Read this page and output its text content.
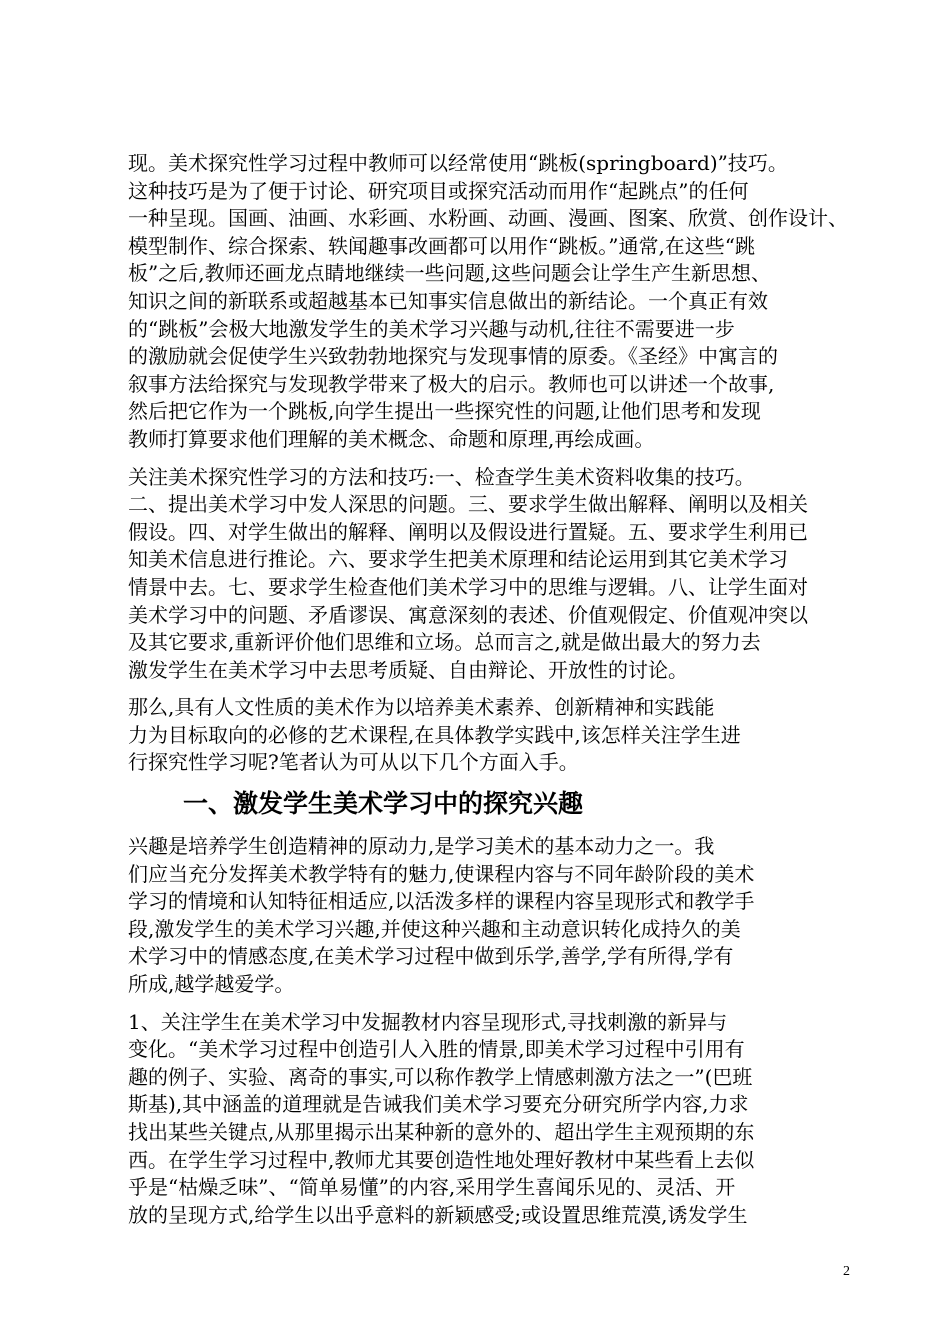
现。美术探究性学习过程中教师可以经常使用“跳板(springboard)”技巧。
这种技巧是为了便于讨论、研究项目或探究活动而用作“起跳点”的任何
一种呈现。国画、油画、水彩画、水粉画、动画、漫画、图案、欣赏、创作设计、
模型制作、综合探索、轶闻趣事改画都可以用作“跳板。”通常,在这些“跳
板”之后,教师还画龙点睛地继续一些问题,这些问题会让学生产生新思想、
知识之间的新联系或超越基本已知事实信息做出的新结论。一个真正有效
的“跳板”会极大地激发学生的美术学习兴趣与动机,往往不需要进一步
的激励就会促使学生兴致勃勃地探究与发现事情的原委。《圣经》中寓言的
叙事方法给探究与发现教学带来了极大的启示。教师也可以讲述一个故事,
然后把它作为一个跳板,向学生提出一些探究性的问题,让他们思考和发现
教师打算要求他们理解的美术概念、命题和原理,再绘成画。

关注美术探究性学习的方法和技巧:一、检查学生美术资料收集的技巧。
二、提出美术学习中发人深思的问题。三、要求学生做出解释、阐明以及相关
假设。四、对学生做出的解释、阐明以及假设进行置疑。五、要求学生利用已
知美术信息进行推论。六、要求学生把美术原理和结论运用到其它美术学习
情景中去。七、要求学生检查他们美术学习中的思维与逻辑。八、让学生面对
美术学习中的问题、矛盾谬误、寓意深刻的表述、价值观假定、价值观冲突以
及其它要求,重新评价他们思维和立场。总而言之,就是做出最大的努力去
激发学生在美术学习中去思考质疑、自由辩论、开放性的讨论。

那么,具有人文性质的美术作为以培养美术素养、创新精神和实践能
力为目标取向的必修的艺术课程,在具体教学实践中,该怎样关注学生进
行探究性学习呢?笔者认为可从以下几个方面入手。

一、激发学生美术学习中的探究兴趣

兴趣是培养学生创造精神的原动力,是学习美术的基本动力之一。我
们应当充分发挥美术教学特有的魅力,使课程内容与不同年龄阶段的美术
学习的情境和认知特征相适应,以活泼多样的课程内容呈现形式和教学手
段,激发学生的美术学习兴趣,并使这种兴趣和主动意识转化成持久的美
术学习中的情感态度,在美术学习过程中做到乐学,善学,学有所得,学有
所成,越学越爱学。

1、关注学生在美术学习中发掘教材内容呈现形式,寻找刺激的新异与
变化。“美术学习过程中创造引人入胜的情景,即美术学习过程中引用有
趣的例子、实验、离奇的事实,可以称作教学上情感刺激方法之一”(巴班
斯基),其中涵盖的道理就是告诫我们美术学习要充分研究所学内容,力求
找出某些关键点,从那里揭示出某种新的意外的、超出学生主观预期的东
西。在学生学习过程中,教师尤其要创造性地处理好教材中某些看上去似
乎是“枯燥乏味”、“简单易懂”的内容,采用学生喜闻乐见的、灵活、开
放的呈现方式,给学生以出乎意料的新颖感受;或设置思维荒漠,诱发学生

2
